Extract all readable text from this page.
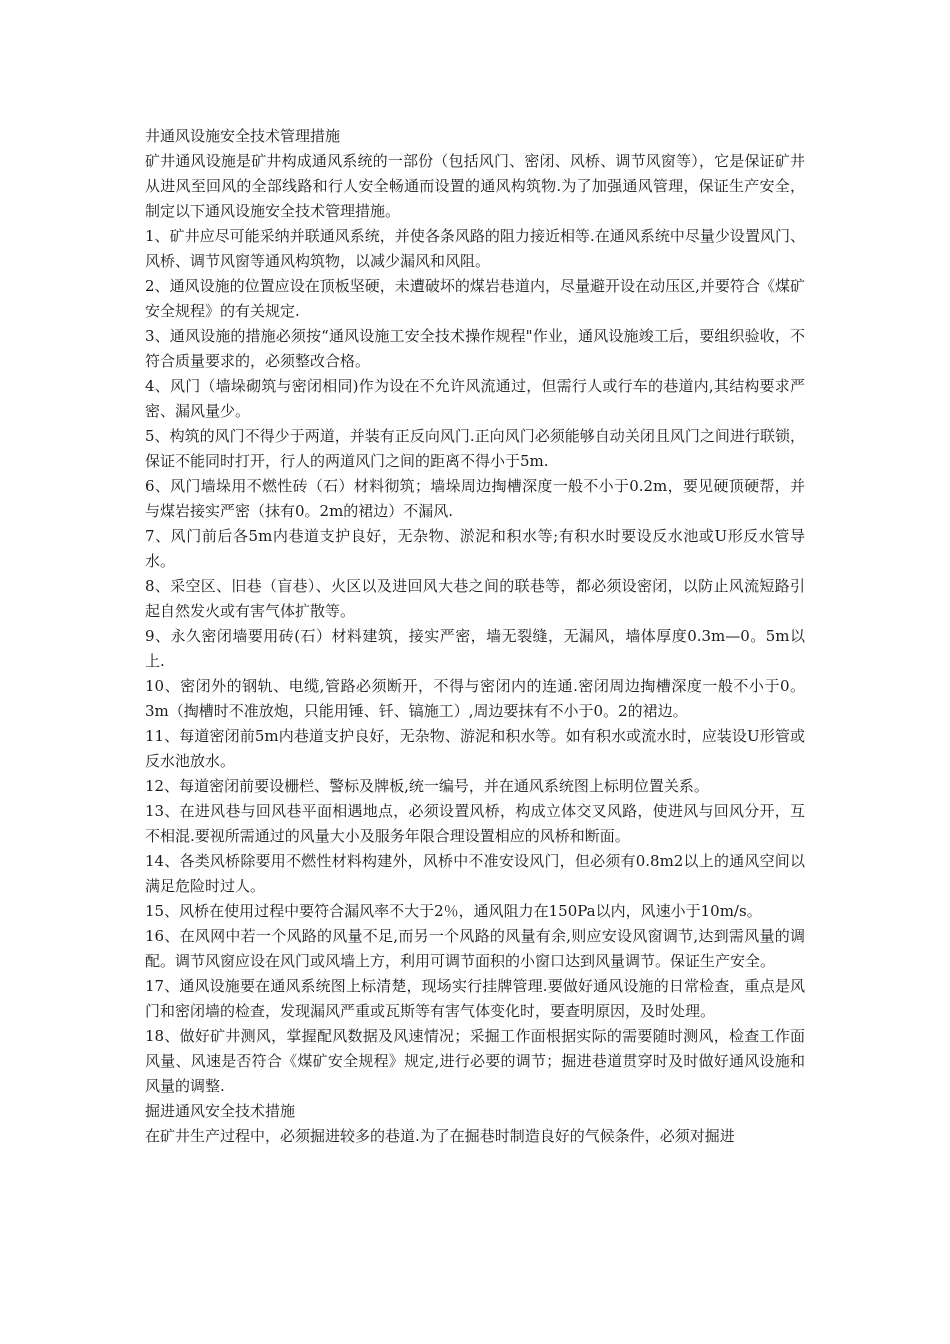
井通风设施安全技术管理措施

矿井通风设施是矿井构成通风系统的一部份（包括风门、密闭、风桥、调节风窗等），它是保证矿井从进风至回风的全部线路和行人安全畅通而设置的通风构筑物.为了加强通风管理，保证生产安全，制定以下通风设施安全技术管理措施。

1、矿井应尽可能采纳并联通风系统，并使各条风路的阻力接近相等.在通风系统中尽量少设置风门、风桥、调节风窗等通风构筑物，以减少漏风和风阻。

2、通风设施的位置应设在顶板坚硬，未遭破坏的煤岩巷道内，尽量避开设在动压区,并要符合《煤矿安全规程》的有关规定.

3、通风设施的措施必须按“通风设施工安全技术操作规程"作业，通风设施竣工后，要组织验收，不符合质量要求的，必须整改合格。

4、风门（墙垛砌筑与密闭相同)作为设在不允许风流通过，但需行人或行车的巷道内,其结构要求严密、漏风量少。

5、构筑的风门不得少于两道，并装有正反向风门.正向风门必须能够自动关闭且风门之间进行联锁，保证不能同时打开，行人的两道风门之间的距离不得小于5m.

6、风门墙垛用不燃性砖（石）材料彻筑；墙垛周边掏槽深度一般不小于0.2m，要见硬顶硬帮，并与煤岩接实严密（抹有0。2m的裙边）不漏风.

7、风门前后各5m内巷道支护良好，无杂物、淤泥和积水等;有积水时要设反水池或U形反水管导水。

8、采空区、旧巷（盲巷）、火区以及进回风大巷之间的联巷等，都必须设密闭，以防止风流短路引起自然发火或有害气体扩散等。

9、永久密闭墙要用砖(石）材料建筑，接实严密，墙无裂缝，无漏风，墙体厚度0.3m—0。5m以上.

10、密闭外的钢轨、电缆,管路必须断开，不得与密闭内的连通.密闭周边掏槽深度一般不小于0。3m（掏槽时不准放炮，只能用锤、钎、镐施工）,周边要抹有不小于0。2的裙边。

11、每道密闭前5m内巷道支护良好，无杂物、游泥和积水等。如有积水或流水时，应装设U形管或反水池放水。

12、每道密闭前要设栅栏、警标及牌板,统一编号，并在通风系统图上标明位置关系。

13、在进风巷与回风巷平面相遇地点，必须设置风桥，构成立体交叉风路，使进风与回风分开，互不相混.要视所需通过的风量大小及服务年限合理设置相应的风桥和断面。

14、各类风桥除要用不燃性材料构建外，风桥中不准安设风门，但必须有0.8m2以上的通风空间以满足危险时过人。

15、风桥在使用过程中要符合漏风率不大于2％，通风阻力在150Pa以内，风速小于10m/s。

16、在风网中若一个风路的风量不足,而另一个风路的风量有余,则应安设风窗调节,达到需风量的调配。调节风窗应设在风门或风墙上方，利用可调节面积的小窗口达到风量调节。保证生产安全。

17、通风设施要在通风系统图上标清楚，现场实行挂牌管理.要做好通风设施的日常检查，重点是风门和密闭墙的检查，发现漏风严重或瓦斯等有害气体变化时，要查明原因，及时处理。

18、做好矿井测风，掌握配风数据及风速情况；采掘工作面根据实际的需要随时测风，检查工作面风量、风速是否符合《煤矿安全规程》规定,进行必要的调节；掘进巷道贯穿时及时做好通风设施和风量的调整.

掘进通风安全技术措施

在矿井生产过程中，必须掘进较多的巷道.为了在掘巷时制造良好的气候条件，必须对掘进
